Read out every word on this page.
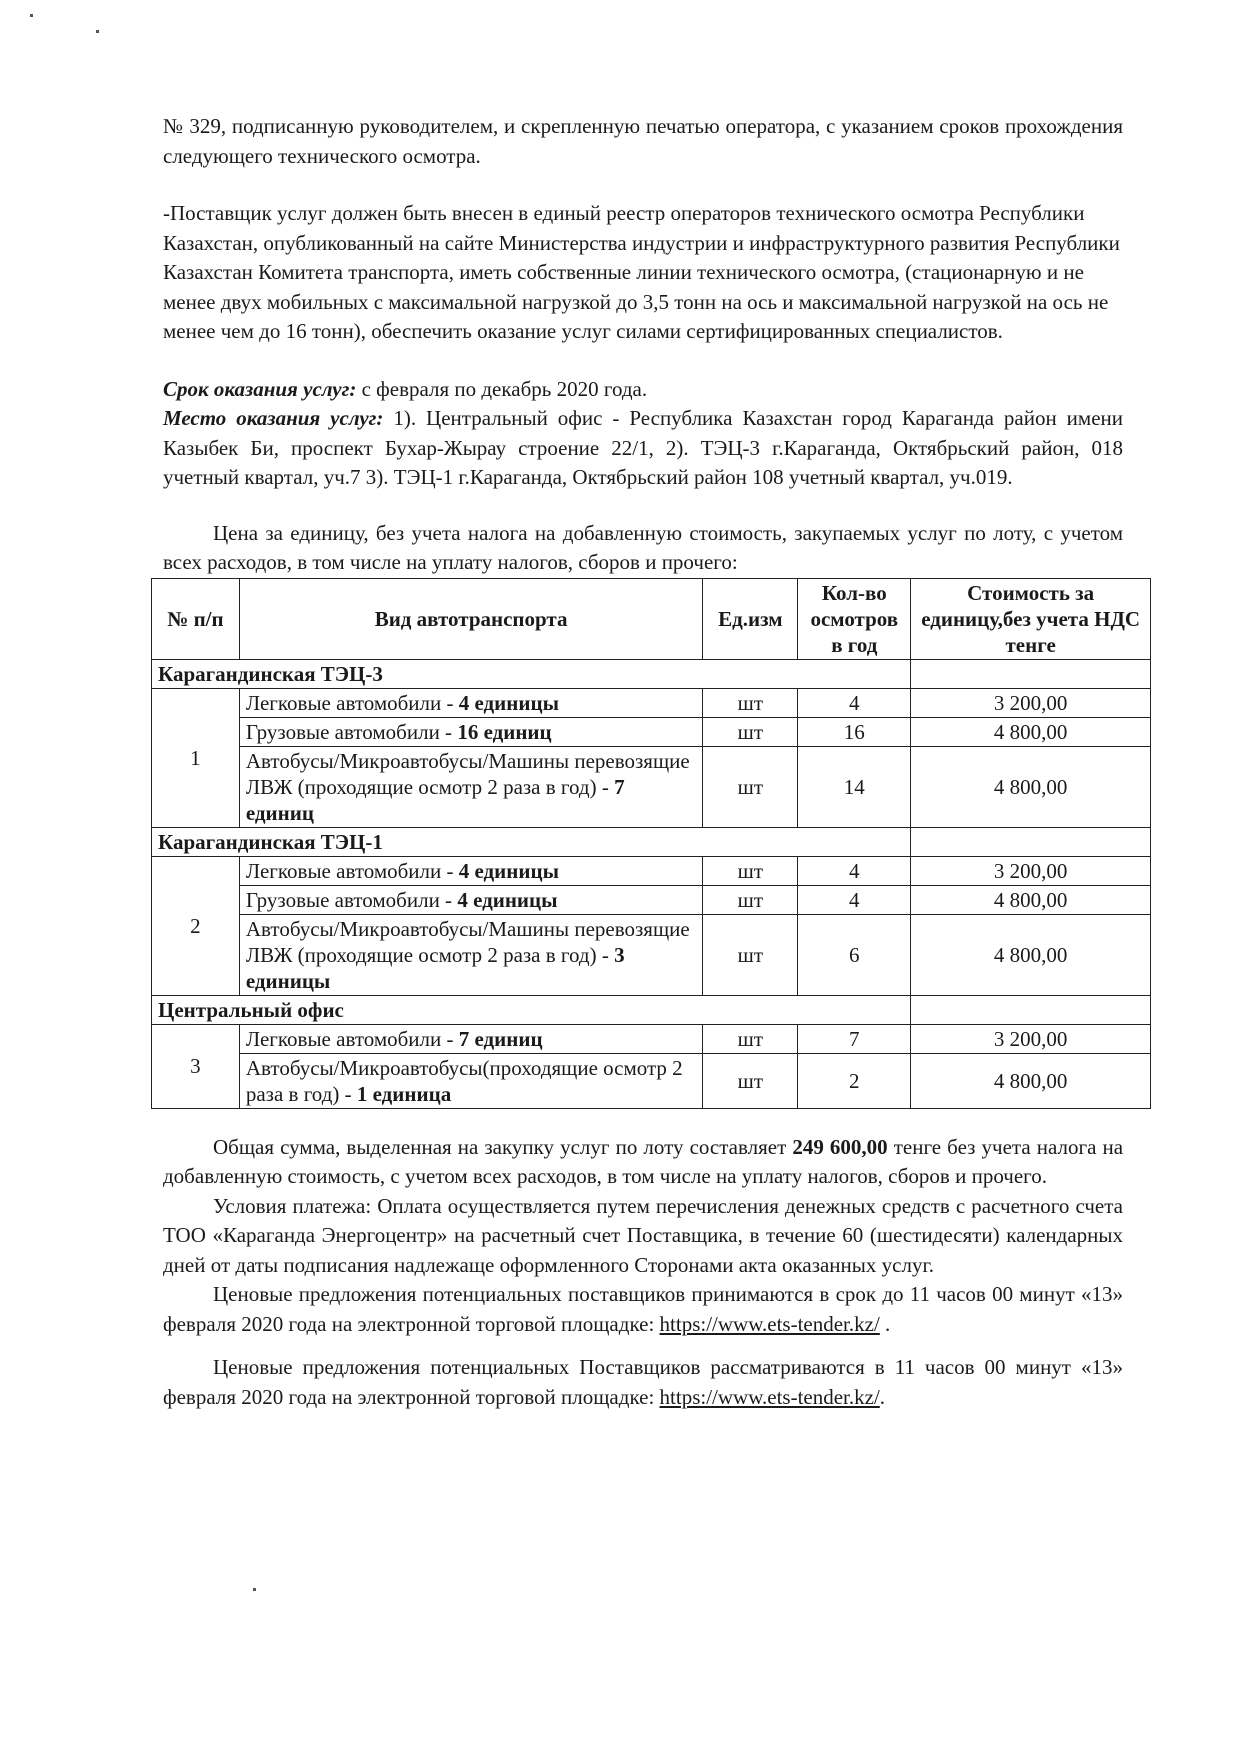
№ 329, подписанную руководителем, и скрепленную печатью оператора, с указанием сроков прохождения следующего технического осмотра.

-Поставщик услуг должен быть внесен в единый реестр операторов технического осмотра Республики Казахстан, опубликованный на сайте Министерства индустрии и инфраструктурного развития Республики Казахстан Комитета транспорта, иметь собственные линии технического осмотра, (стационарную и не менее двух мобильных с максимальной нагрузкой до 3,5 тонн на ось и максимальной нагрузкой на ось не менее чем до 16 тонн), обеспечить оказание услуг силами сертифицированных специалистов.

Срок оказания услуг: с февраля по декабрь 2020 года.

Место оказания услуг: 1). Центральный офис - Республика Казахстан город Караганда район имени Казыбек Би, проспект Бухар-Жырау строение 22/1, 2). ТЭЦ-3 г.Караганда, Октябрьский район, 018 учетный квартал, уч.7 3). ТЭЦ-1 г.Караганда, Октябрьский район 108 учетный квартал, уч.019.

Цена за единицу, без учета налога на добавленную стоимость, закупаемых услуг по лоту, с учетом всех расходов, в том числе на уплату налогов, сборов и прочего:

№ п/п	Вид автотранспорта	Ед.изм	Кол-во осмотров в год	Стоимость за единицу,без учета НДС тенге
Карагандинская ТЭЦ-3				
1	Легковые автомобили - 4 единицы	шт	4	3 200,00
	Грузовые автомобили - 16 единиц	шт	16	4 800,00
	Автобусы/Микроавтобусы/Машины перевозящие ЛВЖ (проходящие осмотр 2 раза в год) - 7 единиц	шт	14	4 800,00
Карагандинская ТЭЦ-1				
2	Легковые автомобили - 4 единицы	шт	4	3 200,00
	Грузовые автомобили - 4 единицы	шт	4	4 800,00
	Автобусы/Микроавтобусы/Машины перевозящие ЛВЖ (проходящие осмотр 2 раза в год) - 3 единицы	шт	6	4 800,00
Центральный офис				
3	Легковые автомобили - 7 единиц	шт	7	3 200,00
	Автобусы/Микроавтобусы(проходящие осмотр 2 раза в год) - 1 единица	шт	2	4 800,00

Общая сумма, выделенная на закупку услуг по лоту составляет 249 600,00 тенге без учета налога на добавленную стоимость, с учетом всех расходов, в том числе на уплату налогов, сборов и прочего.

Условия платежа: Оплата осуществляется путем перечисления денежных средств с расчетного счета ТОО «Караганда Энергоцентр» на расчетный счет Поставщика, в течение 60 (шестидесяти) календарных дней от даты подписания надлежаще оформленного Сторонами акта оказанных услуг.

Ценовые предложения потенциальных поставщиков принимаются в срок до 11 часов 00 минут «13» февраля 2020 года на электронной торговой площадке: https://www.ets-tender.kz/ .

Ценовые предложения потенциальных Поставщиков рассматриваются в 11 часов 00 минут «13» февраля 2020 года на электронной торговой площадке: https://www.ets-tender.kz/.
